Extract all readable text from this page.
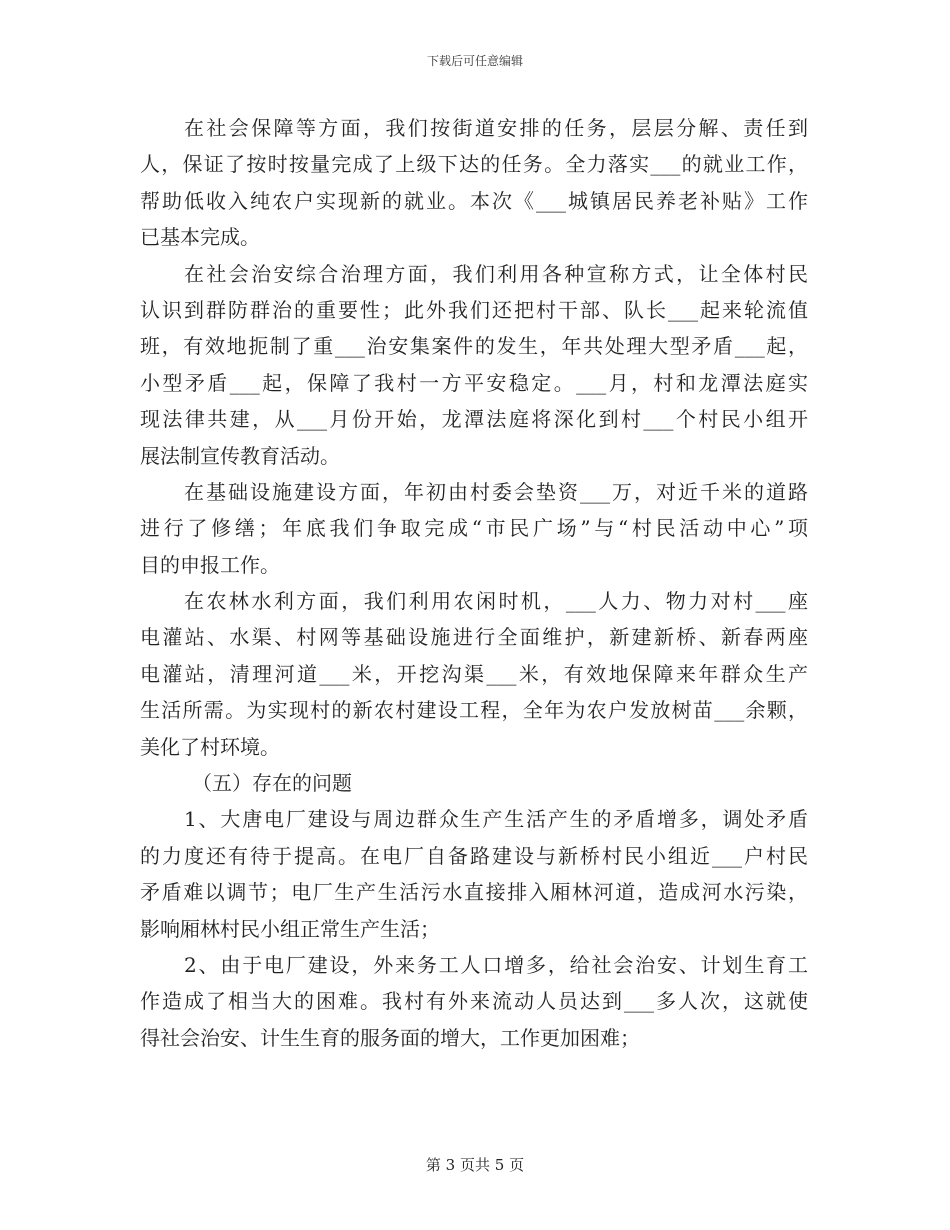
下载后可任意编辑
在社会保障等方面，我们按街道安排的任务，层层分解、责任到
人，保证了按时按量完成了上级下达的任务。全力落实___的就业工作，
帮助低收入纯农户实现新的就业。本次《___城镇居民养老补贴》工作
已基本完成。
在社会治安综合治理方面，我们利用各种宣称方式，让全体村民
认识到群防群治的重要性；此外我们还把村干部、队长___起来轮流值
班，有效地扼制了重___治安集案件的发生，年共处理大型矛盾___起，
小型矛盾___起，保障了我村一方平安稳定。___月，村和龙潭法庭实
现法律共建，从___月份开始，龙潭法庭将深化到村___个村民小组开
展法制宣传教育活动。
在基础设施建设方面，年初由村委会垫资___万，对近千米的道路
进行了修缮；年底我们争取完成“市民广场”与“村民活动中心”项
目的申报工作。
在农林水利方面，我们利用农闲时机，___人力、物力对村___座
电灌站、水渠、村网等基础设施进行全面维护，新建新桥、新春两座
电灌站，清理河道___米，开挖沟渠___米，有效地保障来年群众生产
生活所需。为实现村的新农村建设工程，全年为农户发放树苗___余颗，
美化了村环境。
（五）存在的问题
1、大唐电厂建设与周边群众生产生活产生的矛盾增多，调处矛盾
的力度还有待于提高。在电厂自备路建设与新桥村民小组近___户村民
矛盾难以调节；电厂生产生活污水直接排入厢林河道，造成河水污染，
影响厢林村民小组正常生产生活；
2、由于电厂建设，外来务工人口增多，给社会治安、计划生育工
作造成了相当大的困难。我村有外来流动人员达到___多人次，这就使
得社会治安、计生生育的服务面的增大，工作更加困难；
第 3 页共 5 页
